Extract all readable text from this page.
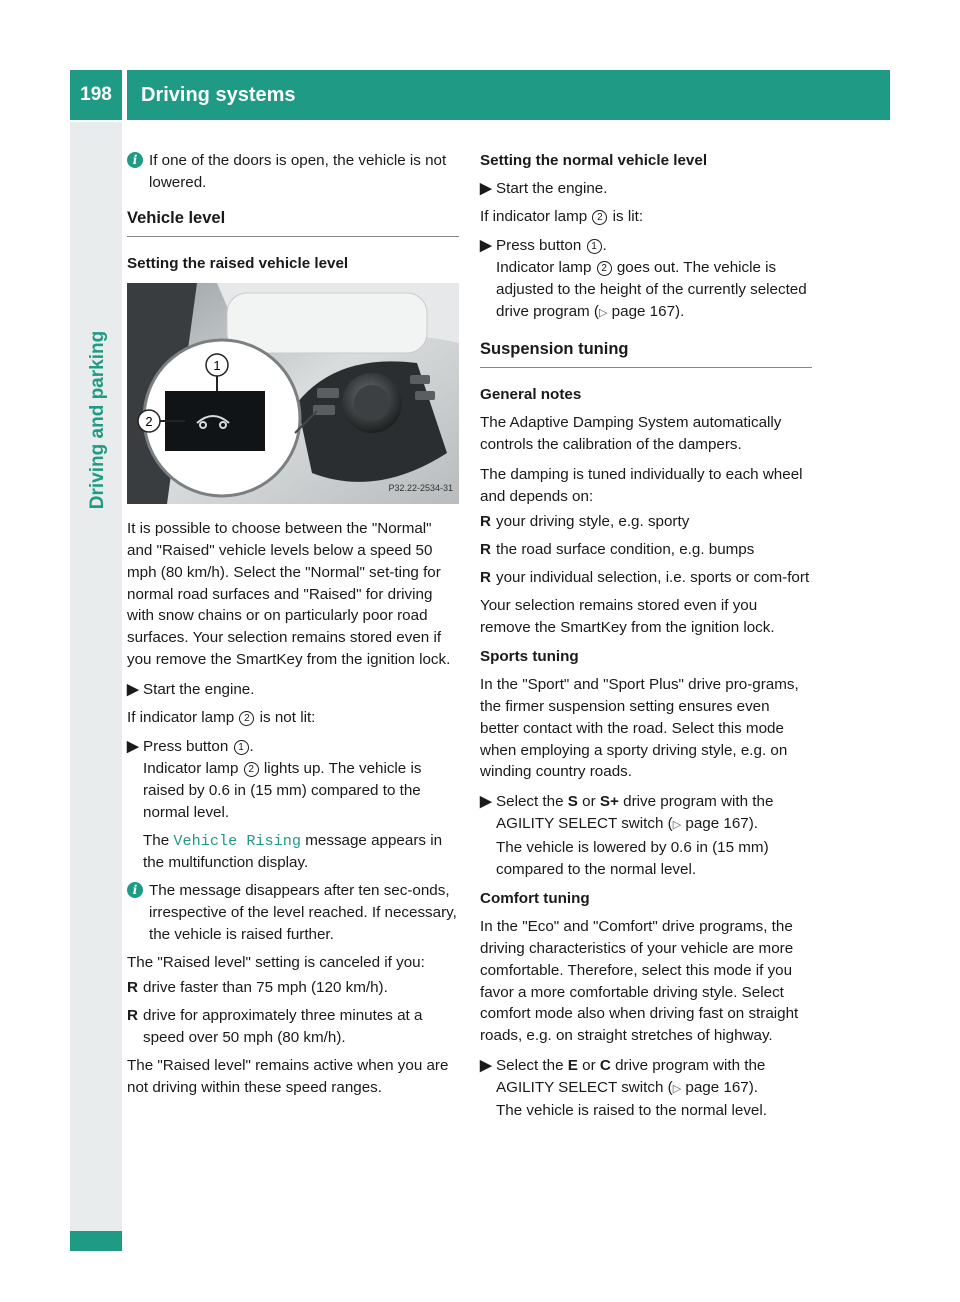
198	Driving systems
Driving and parking
i If one of the doors is open, the vehicle is not lowered.
Vehicle level

Setting the raised vehicle level

1
2
P32.22-2534-31

It is possible to choose between the "Normal" and "Raised" vehicle levels below a speed 50 mph (80 km/h). Select the "Normal" set-ting for normal road surfaces and "Raised" for driving with snow chains or on particularly poor road surfaces. Your selection remains stored even if you remove the SmartKey from the ignition lock.

▶ Start the engine.

If indicator lamp 2 is not lit:

▶ Press button 1 .
Indicator lamp 2 lights up. The vehicle is raised by 0.6 in (15 mm) compared to the normal level.
The Vehicle Rising message appears in the multifunction display.
i The message disappears after ten sec-onds, irrespective of the level reached. If necessary, the vehicle is raised further.

The "Raised level" setting is canceled if you:

R drive faster than 75 mph (120 km/h).
R drive for approximately three minutes at a speed over 50 mph (80 km/h).

The "Raised level" remains active when you are not driving within these speed ranges.

Setting the normal vehicle level

▶ Start the engine.

If indicator lamp 2 is lit:

▶ Press button 1 .
Indicator lamp 2 goes out. The vehicle is adjusted to the height of the currently selected drive program (▷ page 167).
Suspension tuning

General notes

The Adaptive Damping System automatically controls the calibration of the dampers.

The damping is tuned individually to each wheel and depends on:

R your driving style, e.g. sporty
R the road surface condition, e.g. bumps
R your individual selection, i.e. sports or com-fort

Your selection remains stored even if you remove the SmartKey from the ignition lock.

Sports tuning

In the "Sport" and "Sport Plus" drive pro-grams, the firmer suspension setting ensures even better contact with the road. Select this mode when employing a sporty driving style, e.g. on winding country roads.

▶ Select the S or S+ drive program with the AGILITY SELECT switch (▷ page 167).
The vehicle is lowered by 0.6 in (15 mm) compared to the normal level.

Comfort tuning

In the "Eco" and "Comfort" drive programs, the driving characteristics of your vehicle are more comfortable. Therefore, select this mode if you favor a more comfortable driving style. Select comfort mode also when driving fast on straight roads, e.g. on straight stretches of highway.

▶ Select the E or C drive program with the AGILITY SELECT switch (▷ page 167).
The vehicle is raised to the normal level.
